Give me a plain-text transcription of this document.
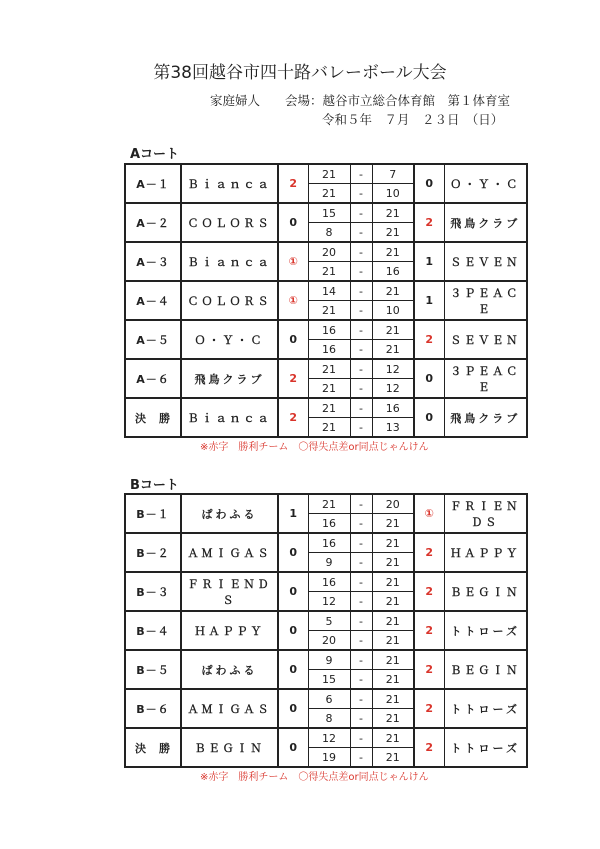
第38回越谷市四十路バレーボール大会
家庭婦人　　 会場：越谷市立総合体育館　第１体育室
令和５年　７月　２３日　（日）
Aコート
A－１	Ｂｉａｎｃａ	2	21	-	7	0	Ｏ・Ｙ・Ｃ
			21	-	10		
A－２	ＣＯＬＯＲＳ	0	15	-	21	2	飛鳥クラブ
			8	-	21		
A－３	Ｂｉａｎｃａ	①	20	-	21	1	ＳＥＶＥＮ
			21	-	16		
A－４	ＣＯＬＯＲＳ	①	14	-	21	1	３ＰＥＡＣＥ
			21	-	10		
A－５	Ｏ・Ｙ・Ｃ	0	16	-	21	2	ＳＥＶＥＮ
			16	-	21		
A－６	飛鳥クラブ	2	21	-	12	0	３ＰＥＡＣＥ
			21	-	12		
決　勝	Ｂｉａｎｃａ	2	21	-	16	0	飛鳥クラブ
			21	-	13		
※赤字　勝利チーム　〇得失点差or同点じゃんけん
Bコート
B－１	ぱわふる	1	21	-	20	①	ＦＲＩＥＮＤＳ
			16	-	21		
B－２	ＡＭＩＧＡＳ	0	16	-	21	2	ＨＡＰＰＹ
			9	-	21		
B－３	ＦＲＩＥＮＤＳ	0	16	-	21	2	ＢＥＧＩＮ
			12	-	21		
B－４	ＨＡＰＰＹ	0	5	-	21	2	トトローズ
			20	-	21		
B－５	ぱわふる	0	9	-	21	2	ＢＥＧＩＮ
			15	-	21		
B－６	ＡＭＩＧＡＳ	0	6	-	21	2	トトローズ
			8	-	21		
決　勝	ＢＥＧＩＮ	0	12	-	21	2	トトローズ
			19	-	21		
※赤字　勝利チーム　〇得失点差or同点じゃんけん
